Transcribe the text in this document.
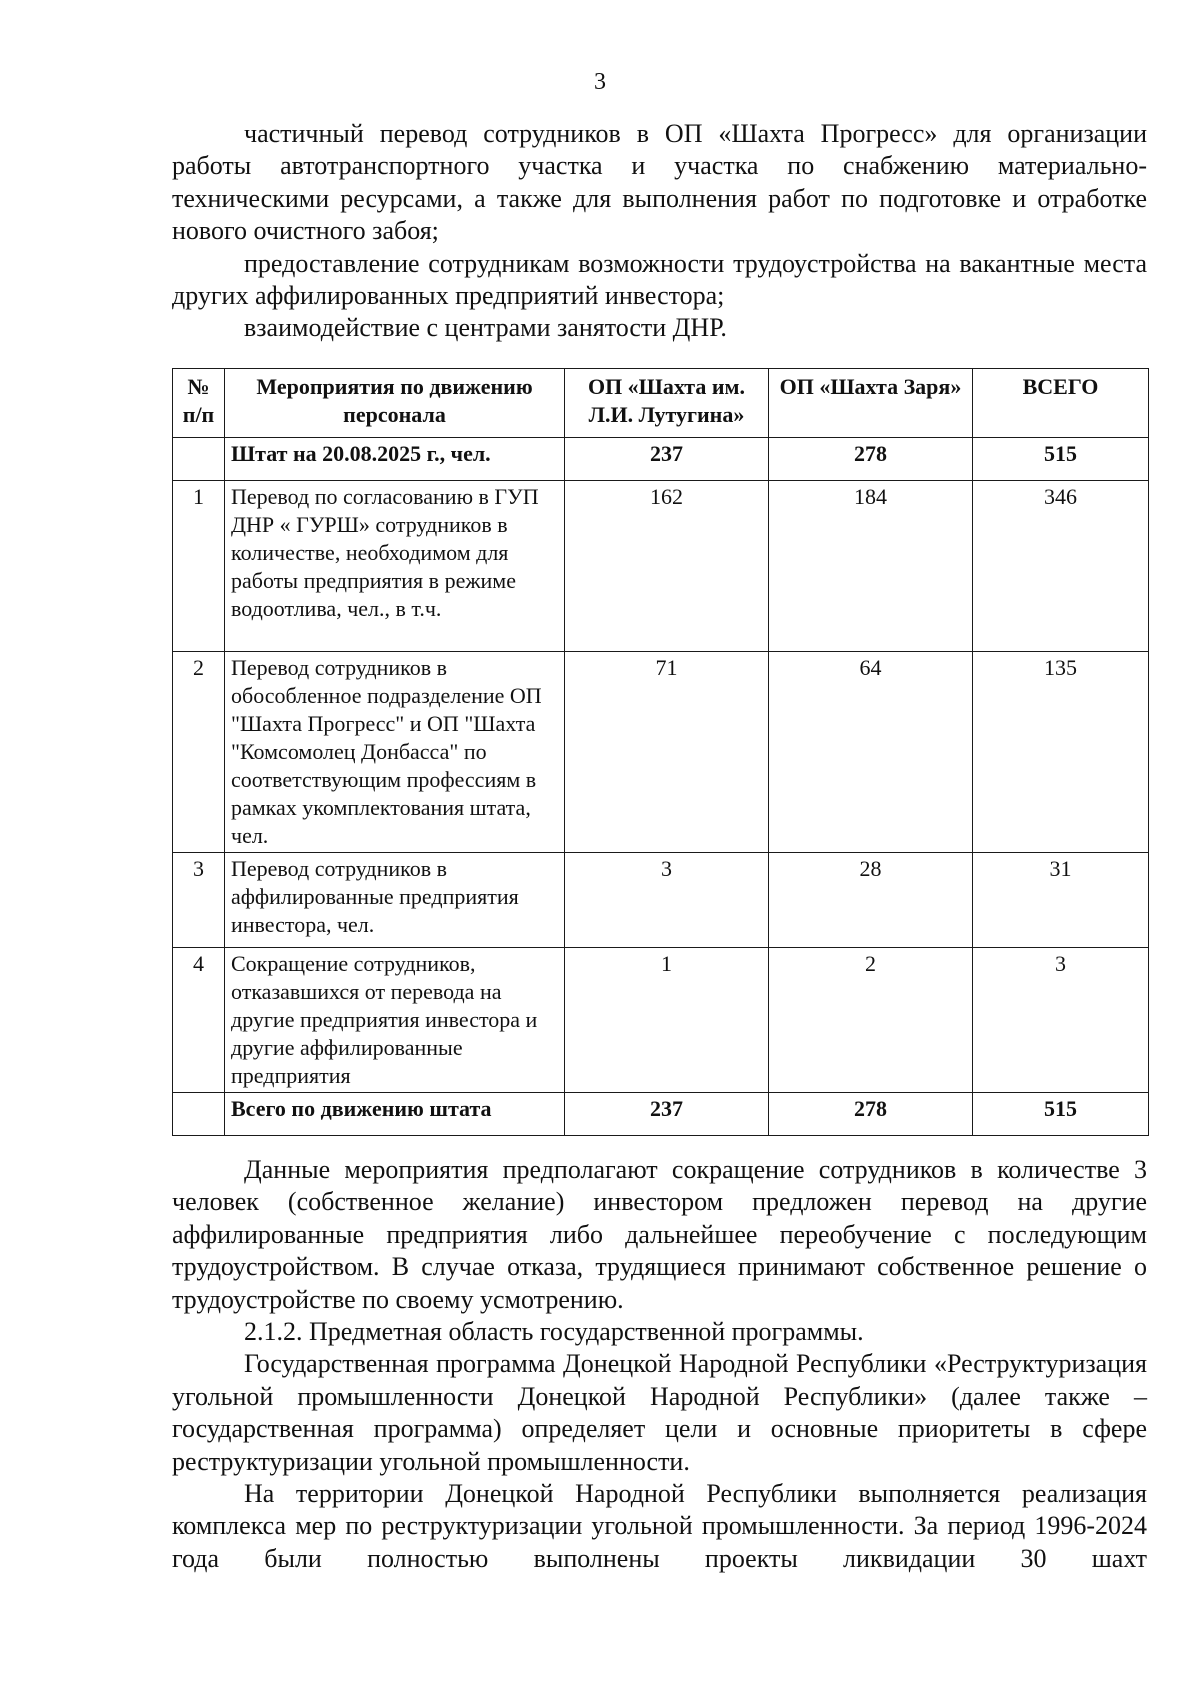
3

частичный перевод сотрудников в ОП «Шахта Прогресс» для организации работы автотранспортного участка и участка по снабжению материально-техническими ресурсами, а также для выполнения работ по подготовке и отработке нового очистного забоя;

предоставление сотрудникам возможности трудоустройства на вакантные места других аффилированных предприятий инвестора;

взаимодействие с центрами занятости ДНР.

№ п/п	Мероприятия по движению персонала	ОП «Шахта им. Л.И. Лутугина»	ОП «Шахта Заря»	ВСЕГО
	Штат на 20.08.2025 г., чел.	237	278	515
1	Перевод по согласованию в ГУП ДНР « ГУРШ» сотрудников в количестве, необходимом для работы предприятия в режиме водоотлива, чел., в т.ч.	162	184	346
2	Перевод сотрудников в обособленное подразделение ОП "Шахта Прогресс" и ОП "Шахта "Комсомолец Донбасса" по соответствующим профессиям в рамках укомплектования штата, чел.	71	64	135
3	Перевод сотрудников в аффилированные предприятия инвестора, чел.	3	28	31
4	Сокращение сотрудников, отказавшихся от перевода на другие предприятия инвестора и другие аффилированные предприятия	1	2	3
	Всего по движению штата	237	278	515

Данные мероприятия предполагают сокращение сотрудников в количестве 3 человек (собственное желание) инвестором предложен перевод на другие аффилированные предприятия либо дальнейшее переобучение с последующим трудоустройством. В случае отказа, трудящиеся принимают собственное решение о трудоустройстве по своему усмотрению.

2.1.2. Предметная область государственной программы.

Государственная программа Донецкой Народной Республики «Реструктуризация угольной промышленности Донецкой Народной Республики» (далее также – государственная программа) определяет цели и основные приоритеты в сфере реструктуризации угольной промышленности.

На территории Донецкой Народной Республики выполняется реализация комплекса мер по реструктуризации угольной промышленности. За период 1996-2024 года были полностью выполнены проекты ликвидации 30 шахт
